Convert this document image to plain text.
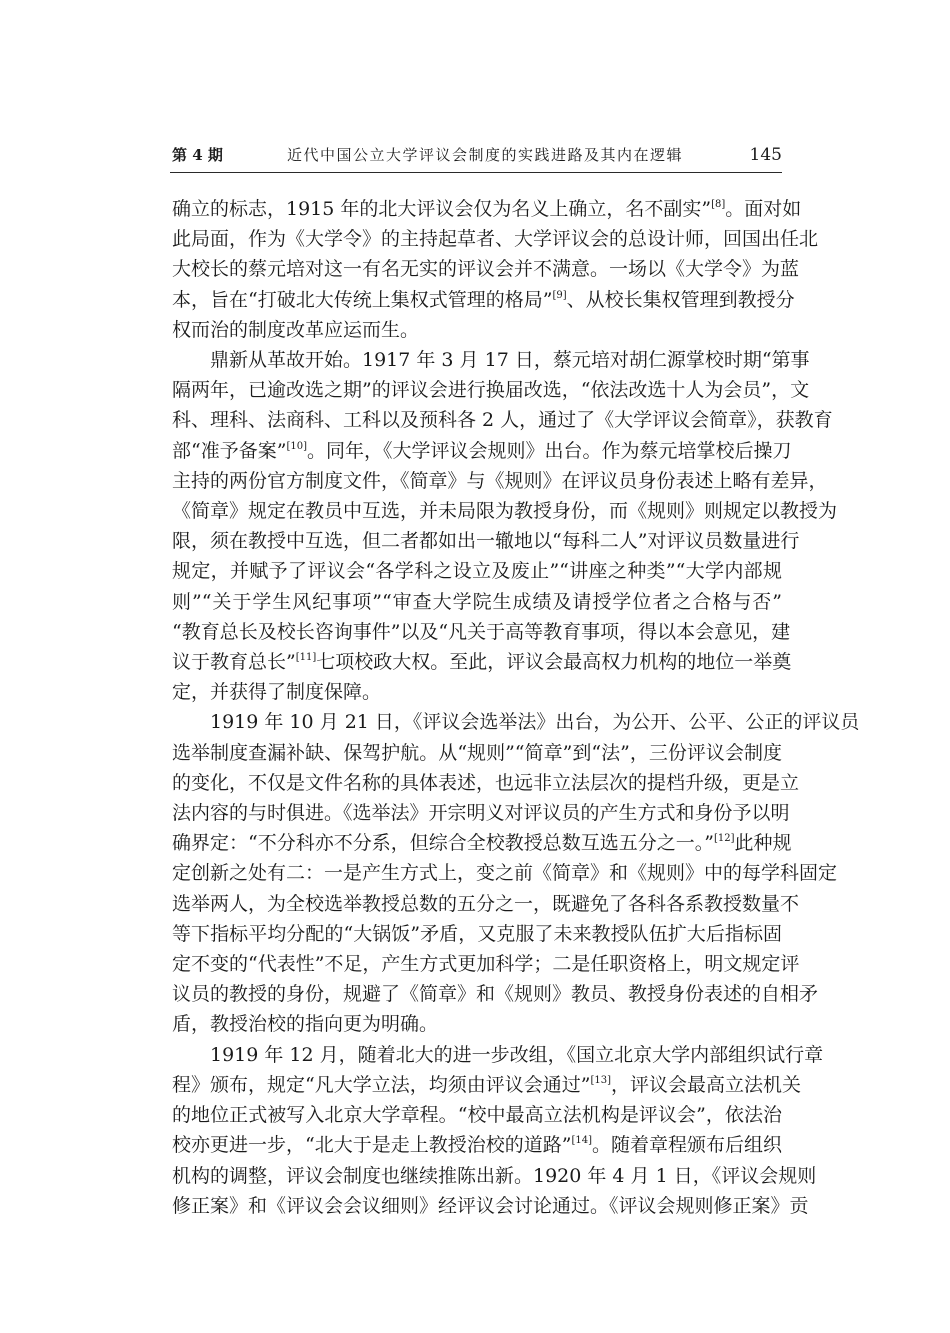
第 4 期	近代中国公立大学评议会制度的实践进路及其内在逻辑	145

确立的标志，1915 年的北大评议会仅为名义上确立，名不副实”[8]。面对如
此局面，作为《大学令》的主持起草者、大学评议会的总设计师，回国出任北
大校长的蔡元培对这一有名无实的评议会并不满意。一场以《大学令》为蓝
本，旨在“打破北大传统上集权式管理的格局”[9]、从校长集权管理到教授分
权而治的制度改革应运而生。

鼎新从革故开始。1917 年 3 月 17 日，蔡元培对胡仁源掌校时期“第事
隔两年，已逾改选之期”的评议会进行换届改选，“依法改选十人为会员”，文
科、理科、法商科、工科以及预科各 2 人，通过了《大学评议会简章》，获教育
部“准予备案”[10]。同年，《大学评议会规则》出台。作为蔡元培掌校后操刀
主持的两份官方制度文件，《简章》与《规则》在评议员身份表述上略有差异，
《简章》规定在教员中互选，并未局限为教授身份，而《规则》则规定以教授为
限，须在教授中互选，但二者都如出一辙地以“每科二人”对评议员数量进行
规定，并赋予了评议会“各学科之设立及废止”“讲座之种类”“大学内部规
则”“关于学生风纪事项”“审查大学院生成绩及请授学位者之合格与否”
“教育总长及校长咨询事件”以及“凡关于高等教育事项，得以本会意见，建
议于教育总长”[11]七项校政大权。至此，评议会最高权力机构的地位一举奠
定，并获得了制度保障。

1919 年 10 月 21 日，《评议会选举法》出台，为公开、公平、公正的评议员
选举制度查漏补缺、保驾护航。从“规则”“简章”到“法”，三份评议会制度
的变化，不仅是文件名称的具体表述，也远非立法层次的提档升级，更是立
法内容的与时俱进。《选举法》开宗明义对评议员的产生方式和身份予以明
确界定：“不分科亦不分系，但综合全校教授总数互选五分之一。”[12]此种规
定创新之处有二：一是产生方式上，变之前《简章》和《规则》中的每学科固定
选举两人，为全校选举教授总数的五分之一，既避免了各科各系教授数量不
等下指标平均分配的“大锅饭”矛盾，又克服了未来教授队伍扩大后指标固
定不变的“代表性”不足，产生方式更加科学；二是任职资格上，明文规定评
议员的教授的身份，规避了《简章》和《规则》教员、教授身份表述的自相矛
盾，教授治校的指向更为明确。

1919 年 12 月，随着北大的进一步改组，《国立北京大学内部组织试行章
程》颁布，规定“凡大学立法，均须由评议会通过”[13]，评议会最高立法机关
的地位正式被写入北京大学章程。“校中最高立法机构是评议会”，依法治
校亦更进一步，“北大于是走上教授治校的道路”[14]。随着章程颁布后组织
机构的调整，评议会制度也继续推陈出新。1920 年 4 月 1 日，《评议会规则
修正案》和《评议会会议细则》经评议会讨论通过。《评议会规则修正案》贡
